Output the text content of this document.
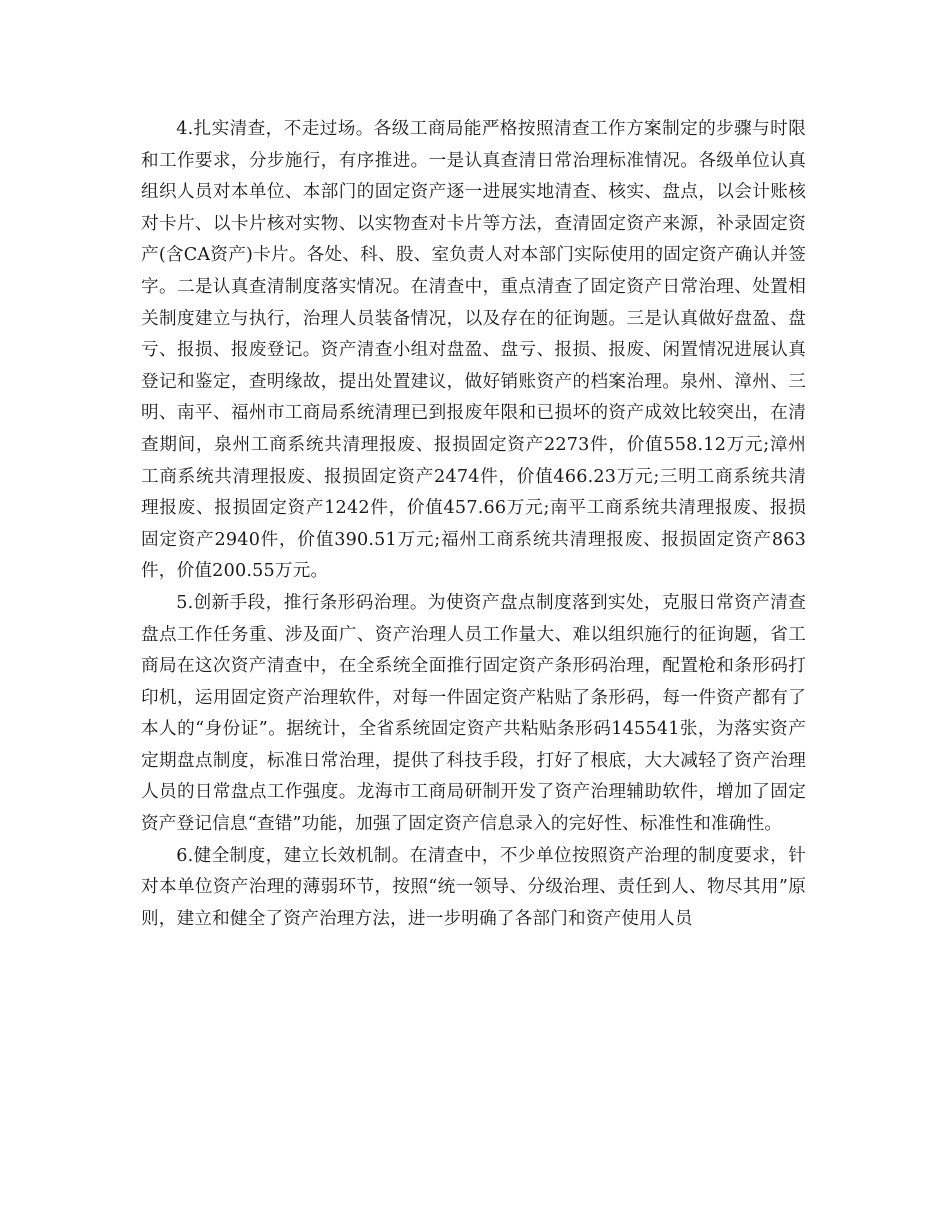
4.扎实清查，不走过场。各级工商局能严格按照清查工作方案制定的步骤与时限和工作要求，分步施行，有序推进。一是认真查清日常治理标准情况。各级单位认真组织人员对本单位、本部门的固定资产逐一进展实地清查、核实、盘点，以会计账核对卡片、以卡片核对实物、以实物查对卡片等方法，查清固定资产来源，补录固定资产(含CA资产)卡片。各处、科、股、室负责人对本部门实际使用的固定资产确认并签字。二是认真查清制度落实情况。在清查中，重点清查了固定资产日常治理、处置相关制度建立与执行，治理人员装备情况，以及存在的征询题。三是认真做好盘盈、盘亏、报损、报废登记。资产清查小组对盘盈、盘亏、报损、报废、闲置情况进展认真登记和鉴定，查明缘故，提出处置建议，做好销账资产的档案治理。泉州、漳州、三明、南平、福州市工商局系统清理已到报废年限和已损坏的资产成效比较突出，在清查期间，泉州工商系统共清理报废、报损固定资产2273件，价值558.12万元;漳州工商系统共清理报废、报损固定资产2474件，价值466.23万元;三明工商系统共清理报废、报损固定资产1242件，价值457.66万元;南平工商系统共清理报废、报损固定资产2940件，价值390.51万元;福州工商系统共清理报废、报损固定资产863件，价值200.55万元。

5.创新手段，推行条形码治理。为使资产盘点制度落到实处，克服日常资产清查盘点工作任务重、涉及面广、资产治理人员工作量大、难以组织施行的征询题，省工商局在这次资产清查中，在全系统全面推行固定资产条形码治理，配置枪和条形码打印机，运用固定资产治理软件，对每一件固定资产粘贴了条形码，每一件资产都有了本人的“身份证”。据统计，全省系统固定资产共粘贴条形码145541张，为落实资产定期盘点制度，标准日常治理，提供了科技手段，打好了根底，大大减轻了资产治理人员的日常盘点工作强度。龙海市工商局研制开发了资产治理辅助软件，增加了固定资产登记信息“查错”功能，加强了固定资产信息录入的完好性、标准性和准确性。

6.健全制度，建立长效机制。在清查中，不少单位按照资产治理的制度要求，针对本单位资产治理的薄弱环节，按照“统一领导、分级治理、责任到人、物尽其用”原则，建立和健全了资产治理方法，进一步明确了各部门和资产使用人员
